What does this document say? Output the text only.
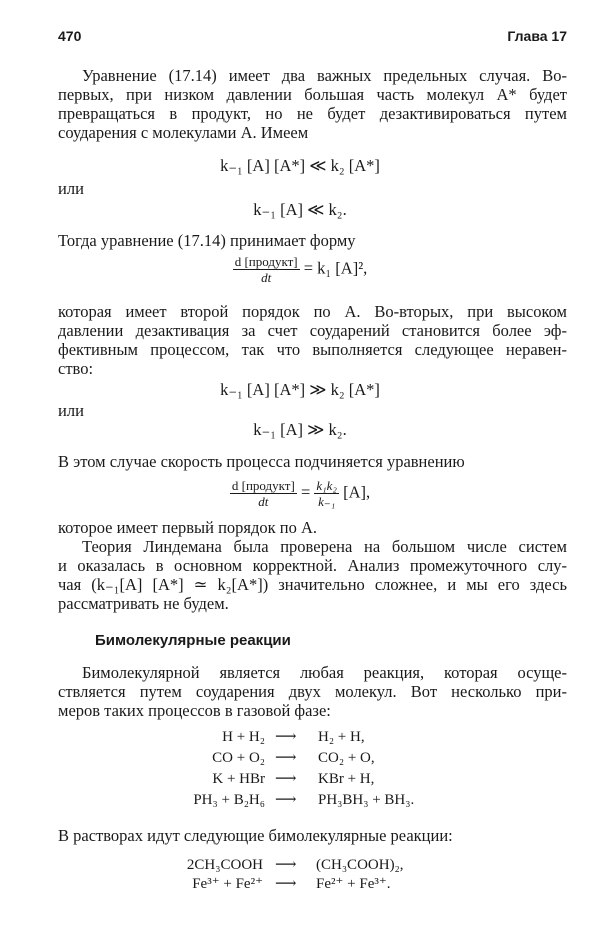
470	Глава 17
Уравнение (17.14) имеет два важных предельных случая. Во-
первых, при низком давлении большая часть молекул A* будет
превращаться в продукт, но не будет дезактивироваться путем
соударения с молекулами A. Имеем
k₋₁ [A] [A*] ≪ k₂ [A*]
или
k₋₁ [A] ≪ k₂.
Тогда уравнение (17.14) принимает форму
$\frac{\text{d [продукт]}}{dt} = k_1$ [A]²,
которая имеет второй порядок по A. Во-вторых, при высоком
давлении дезактивация за счет соударений становится более эф-
фективным процессом, так что выполняется следующее неравен-
ство:
k₋₁ [A] [A*] ≫ k₂ [A*]
или
k₋₁ [A] ≫ k₂.
В этом случае скорость процесса подчиняется уравнению
$\frac{\text{d [продукт]}}{dt} = \frac{\text{k₁k₂}}{\text{k₋₁}} [A]$,
которое имеет первый порядок по A.
Теория Линдемана была проверена на большом числе систем
и оказалась в основном корректной. Анализ промежуточного слу-
чая (k₋₁[A] [A*] ≃ k₂[A*]) значительно сложнее, и мы его здесь
рассматривать не будем.
Бимолекулярные реакции
Бимолекулярной является любая реакция, которая осуще-
ствляется путем соударения двух молекул. Вот несколько при-
меров таких процессов в газовой фазе:
H + H₂ ⟶ H₂ + H,
CO + O₂ ⟶ CO₂ + O,
K + HBr ⟶ KBr + H,
PH₃ + B₂H₆ ⟶ PH₃BH₃ + BH₃.
В растворах идут следующие бимолекулярные реакции:
2CH₃COOH ⟶ (CH₃COOH)₂,
Fe³⁺ + Fe²⁺ ⟶ Fe²⁺ + Fe³⁺.
